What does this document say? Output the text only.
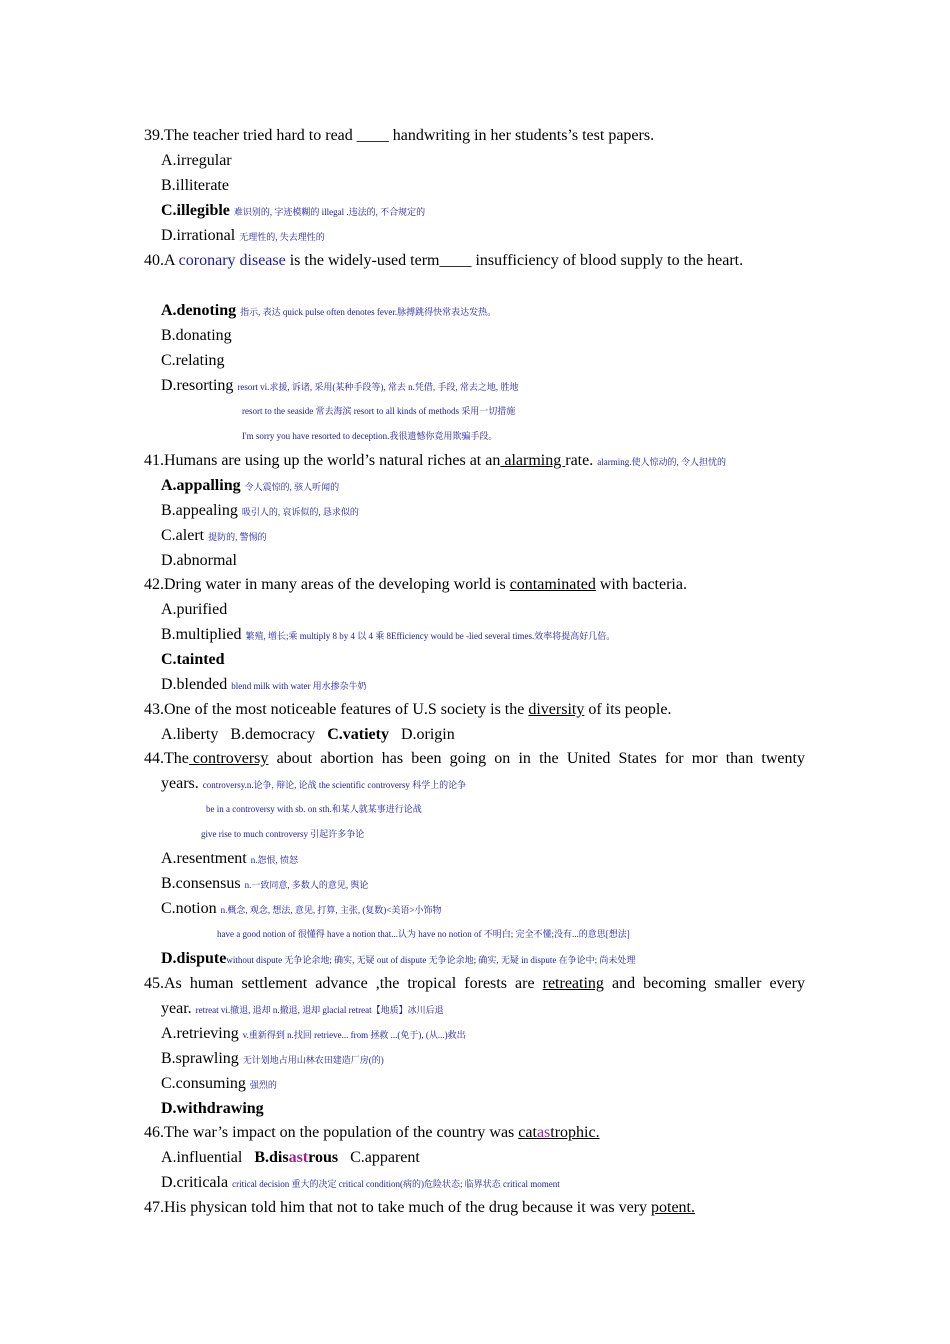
39.The teacher tried hard to read ____ handwriting in her students’s test papers.
A.irregular
B.illiterate
C.illegible 难识别的, 字迹模糊的 illegal .违法的, 不合规定的
D.irrational 无理性的, 失去理性的
40.A coronary disease is the widely-used term____ insufficiency of blood supply to the heart.
A.denoting 指示, 表达 quick pulse often denotes fever.脉搏跳得快常表达发热。
B.donating
C.relating
D.resorting resort vi.求援, 诉诸, 采用(某种手段等), 常去 n.凭借, 手段, 常去之地, 胜地
resort to the seaside 常去海滨 resort to all kinds of methods 采用一切措施
I'm sorry you have resorted to deception.我很遗憾你竟用欺骗手段。
41.Humans are using up the world’s natural riches at an alarming rate. alarming.使人惊动的, 令人担忧的
A.appalling 令人震惊的, 骇人听闻的
B.appealing 吸引人的, 哀诉似的, 恳求似的
C.alert 提防的, 警惕的
D.abnormal
42.Dring water in many areas of the developing world is contaminated with bacteria.
A.purified
B.multiplied 繁殖, 增长;乘 multiply 8 by 4 以 4 乘 8Efficiency would be -lied several times.效率将提高好几倍。
C.tainted
D.blended blend milk with water 用水掺杂牛奶
43.One of the most noticeable features of U.S society is the diversity of its people.
A.liberty B.democracy C.vatiety D.origin
44.The controversy about abortion has been going on in the United States for mor than twenty
years. controversy.n.论争, 辩论, 论战 the scientific controversy 科学上的论争
be in a controversy with sb. on sth.和某人就某事进行论战
give rise to much controversy 引起许多争论
A.resentment n.怨恨, 愤怒
B.consensus n.一致同意, 多数人的意见, 舆论
C.notion n.概念, 观念, 想法, 意见, 打算, 主张, (复数)<美语>小饰物
have a good notion of 很懂得 have a notion that...认为 have no notion of 不明白; 完全不懂;没有...的意思[想法]
D.disputewithout dispute 无争论余地; 确实, 无疑 out of dispute 无争论余地; 确实, 无疑 in dispute 在争论中; 尚未处理
45.As human settlement advance ,the tropical forests are retreating and becoming smaller every
year. retreat vi.撤退, 退却 n.撤退, 退却 glacial retreat【地质】冰川后退
A.retrieving v.重新得到 n.找回 retrieve... from 拯救 ...(免于), (从...)救出
B.sprawling 无计划地占用山林农田建造厂房(的)
C.consuming 强烈的
D.withdrawing
46.The war’s impact on the population of the country was catastrophic.
A.influential B.disastrous C.apparent
D.criticala critical decision 重大的决定 critical condition(病的)危险状态; 临界状态 critical moment
47.His physican told him that not to take much of the drug because it was very potent.
